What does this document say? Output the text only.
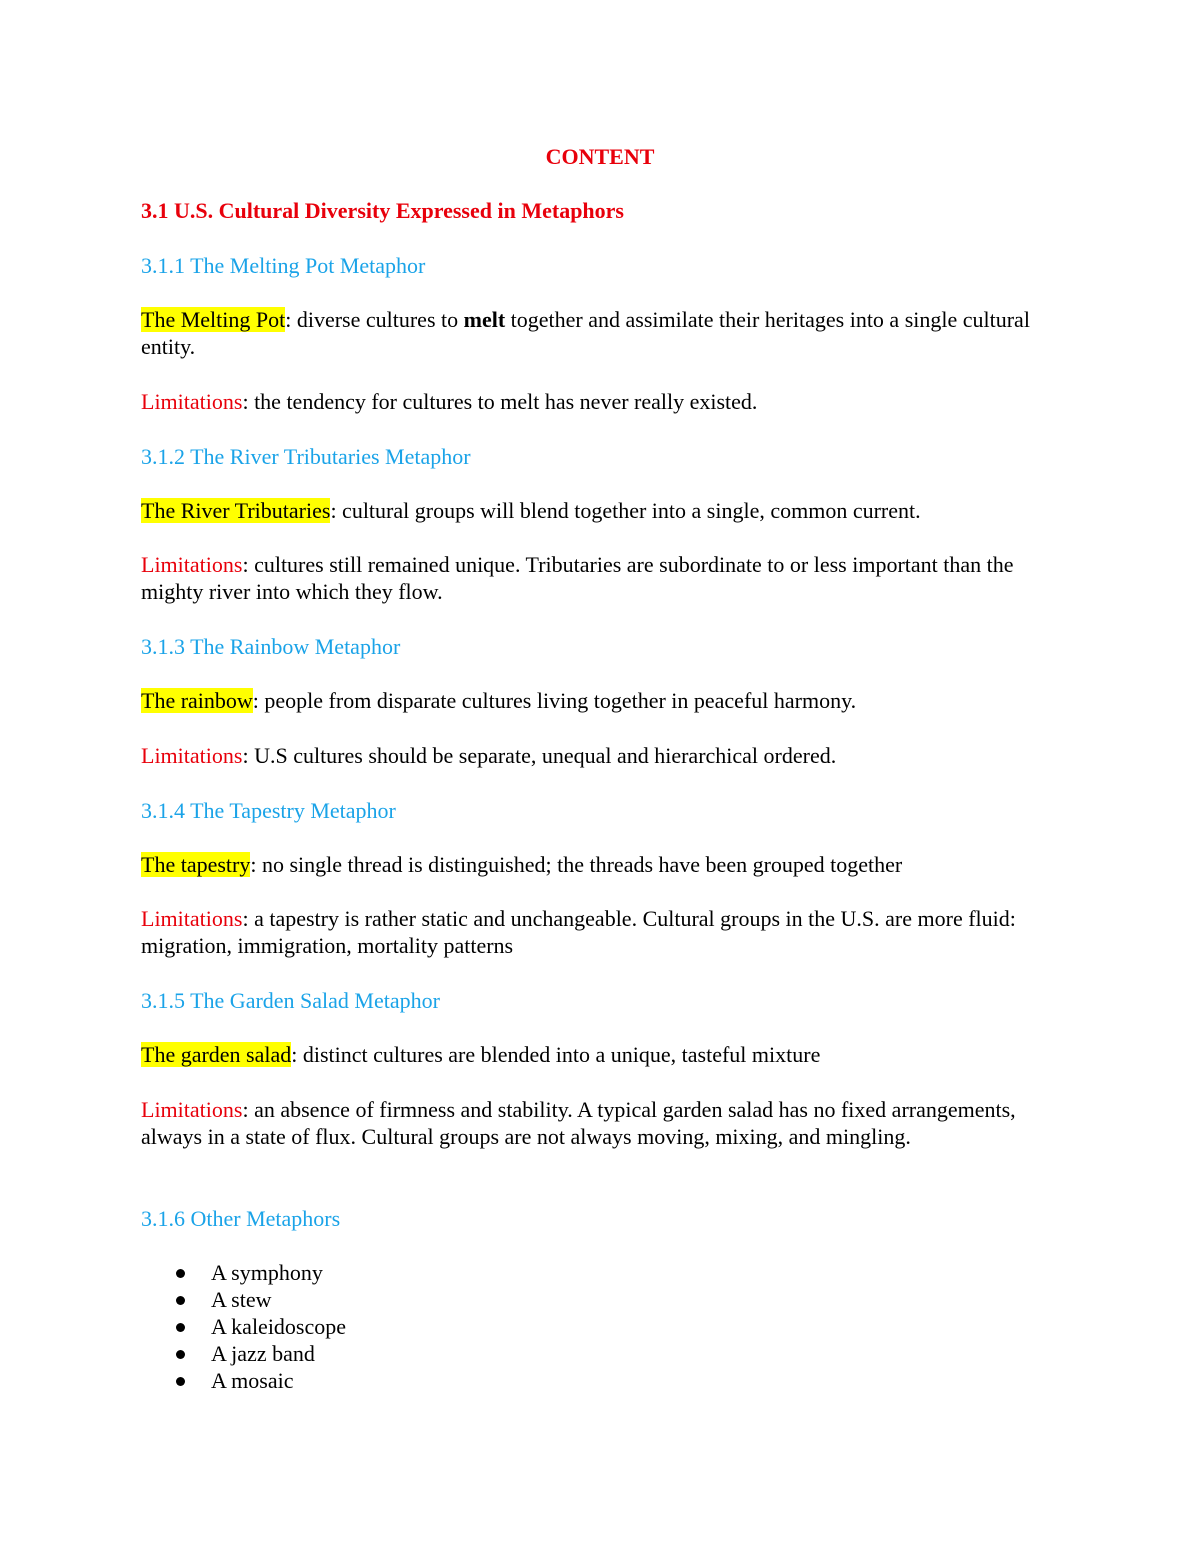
CONTENT
3.1 U.S. Cultural Diversity Expressed in Metaphors
3.1.1 The Melting Pot Metaphor
The Melting Pot: diverse cultures to melt together and assimilate their heritages into a single cultural entity.
Limitations: the tendency for cultures to melt has never really existed.
3.1.2 The River Tributaries Metaphor
The River Tributaries: cultural groups will blend together into a single, common current.
Limitations: cultures still remained unique. Tributaries are subordinate to or less important than the mighty river into which they flow.
3.1.3 The Rainbow Metaphor
The rainbow: people from disparate cultures living together in peaceful harmony.
Limitations: U.S cultures should be separate, unequal and hierarchical ordered.
3.1.4 The Tapestry Metaphor
The tapestry: no single thread is distinguished; the threads have been grouped together
Limitations: a tapestry is rather static and unchangeable. Cultural groups in the U.S. are more fluid: migration, immigration, mortality patterns
3.1.5 The Garden Salad Metaphor
The garden salad: distinct cultures are blended into a unique, tasteful mixture
Limitations: an absence of firmness and stability. A typical garden salad has no fixed arrangements, always in a state of flux. Cultural groups are not always moving, mixing, and mingling.
3.1.6 Other Metaphors
A symphony
A stew
A kaleidoscope
A jazz band
A mosaic
